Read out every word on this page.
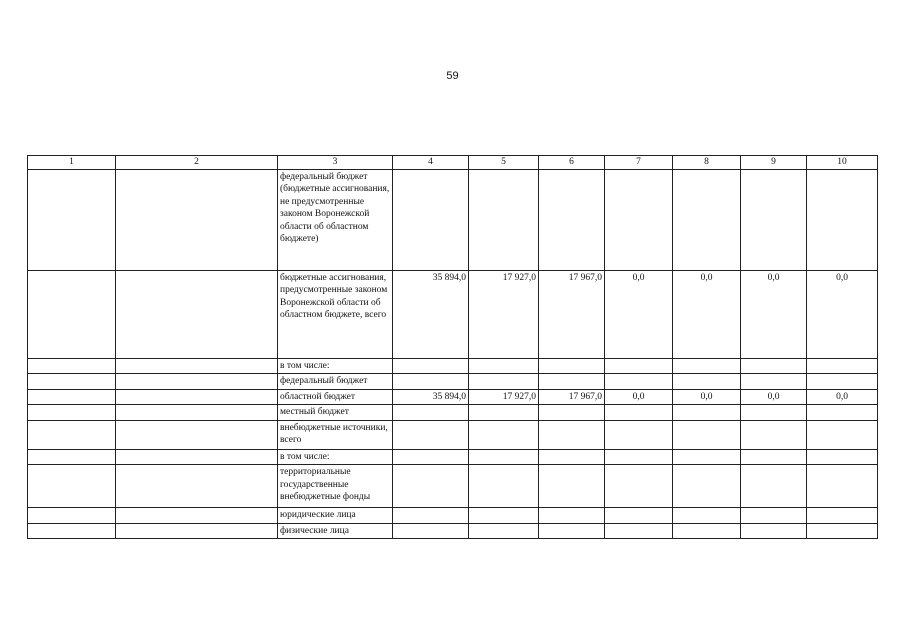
59
1	2	3	4	5	6	7	8	9	10
		федеральный бюджет (бюджетные ассигнования, не предусмотренные законом Воронежской области об областном бюджете)							
		бюджетные ассигнования, предусмотренные законом Воронежской области об областном бюджете, всего	35 894,0	17 927,0	17 967,0	0,0	0,0	0,0	0,0
		в том числе:							
		федеральный бюджет							
		областной бюджет	35 894,0	17 927,0	17 967,0	0,0	0,0	0,0	0,0
		местный бюджет							
		внебюджетные источники, всего							
		в том числе:							
		территориальные государственные внебюджетные фонды							
		юридические лица							
		физические лица							
